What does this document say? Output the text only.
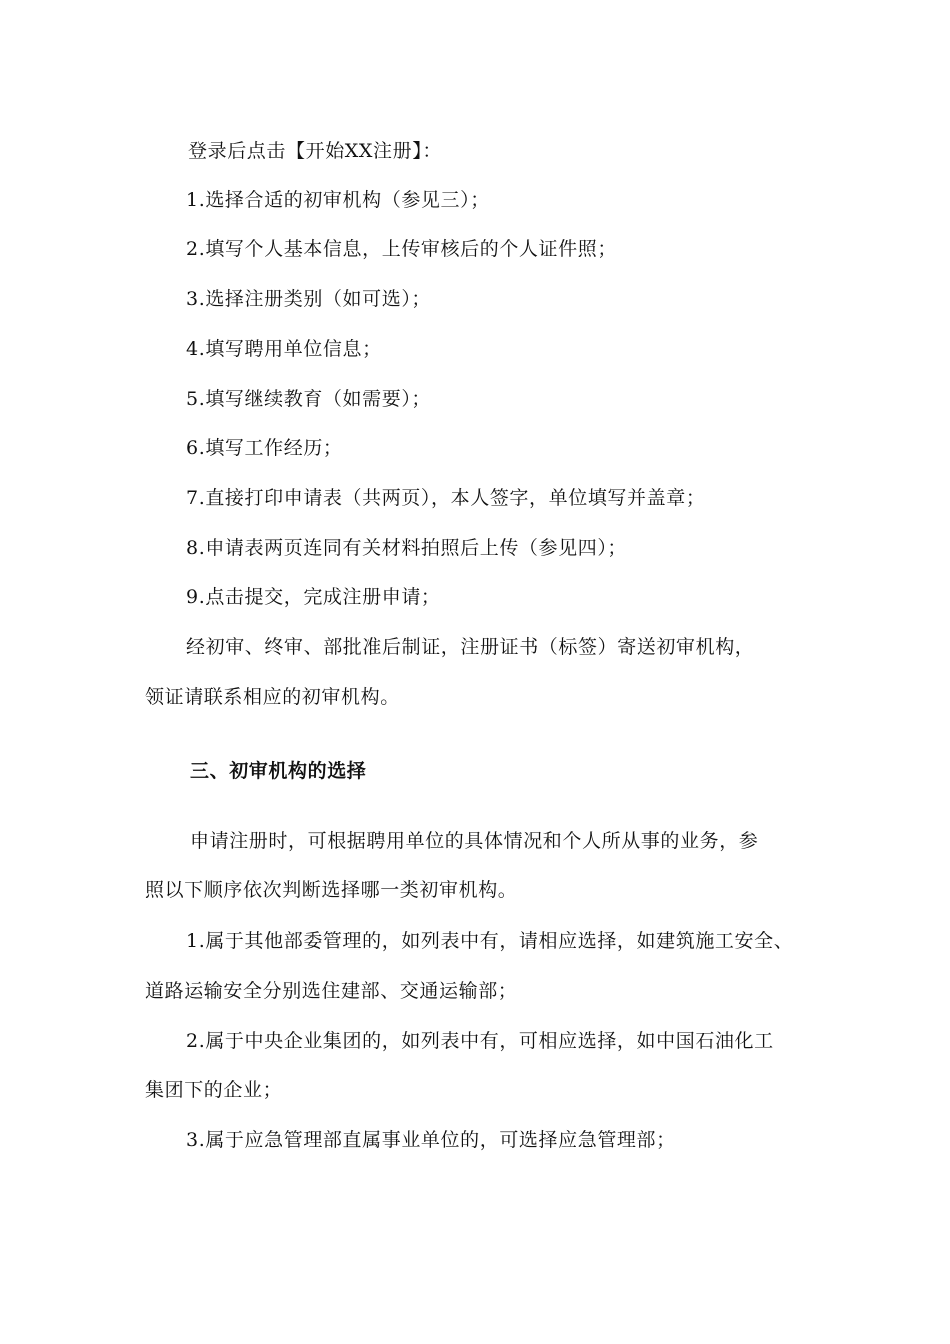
登录后点击【开始XX注册】：
1.选择合适的初审机构（参见三）；
2.填写个人基本信息，上传审核后的个人证件照；
3.选择注册类别（如可选）；
4.填写聘用单位信息；
5.填写继续教育（如需要）；
6.填写工作经历；
7.直接打印申请表（共两页），本人签字，单位填写并盖章；
8.申请表两页连同有关材料拍照后上传（参见四）；
9.点击提交，完成注册申请；
经初审、终审、部批准后制证，注册证书（标签）寄送初审机构，
领证请联系相应的初审机构。
三、初审机构的选择
申请注册时，可根据聘用单位的具体情况和个人所从事的业务，参
照以下顺序依次判断选择哪一类初审机构。
1.属于其他部委管理的，如列表中有，请相应选择，如建筑施工安全、
道路运输安全分别选住建部、交通运输部；
2.属于中央企业集团的，如列表中有，可相应选择，如中国石油化工
集团下的企业；
3.属于应急管理部直属事业单位的，可选择应急管理部；
